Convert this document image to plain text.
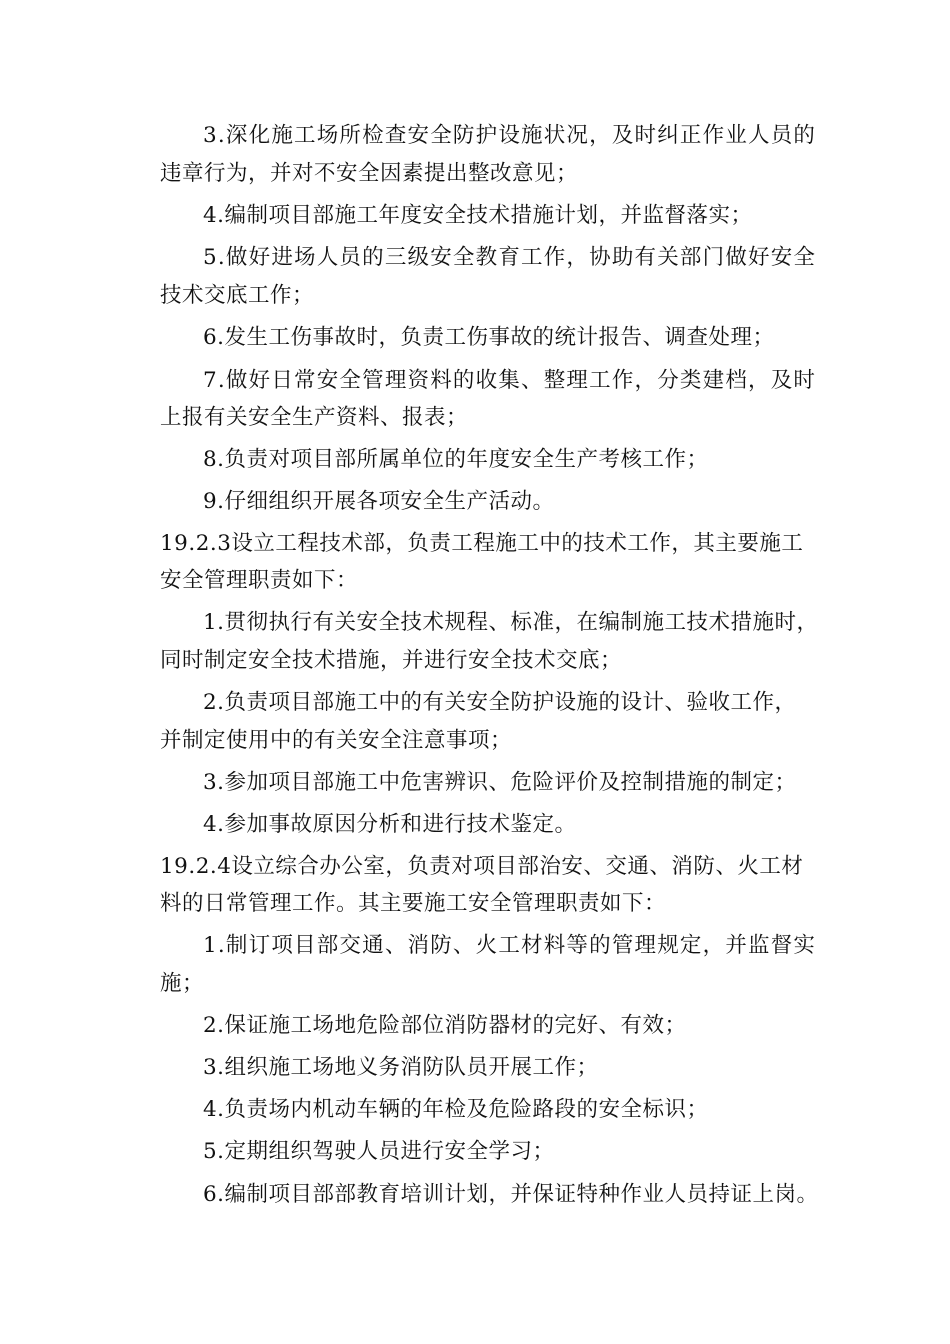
3.深化施工场所检查安全防护设施状况，及时纠正作业人员的
违章行为，并对不安全因素提出整改意见；
4.编制项目部施工年度安全技术措施计划，并监督落实；
5.做好进场人员的三级安全教育工作，协助有关部门做好安全
技术交底工作；
6.发生工伤事故时，负责工伤事故的统计报告、调查处理；
7.做好日常安全管理资料的收集、整理工作，分类建档，及时
上报有关安全生产资料、报表；
8.负责对项目部所属单位的年度安全生产考核工作；
9.仔细组织开展各项安全生产活动。
19.2.3设立工程技术部，负责工程施工中的技术工作，其主要施工
安全管理职责如下：
1.贯彻执行有关安全技术规程、标准，在编制施工技术措施时，
同时制定安全技术措施，并进行安全技术交底；
2.负责项目部施工中的有关安全防护设施的设计、验收工作，
并制定使用中的有关安全注意事项；
3.参加项目部施工中危害辨识、危险评价及控制措施的制定；
4.参加事故原因分析和进行技术鉴定。
19.2.4设立综合办公室，负责对项目部治安、交通、消防、火工材
料的日常管理工作。其主要施工安全管理职责如下：
1.制订项目部交通、消防、火工材料等的管理规定，并监督实
施；
2.保证施工场地危险部位消防器材的完好、有效；
3.组织施工场地义务消防队员开展工作；
4.负责场内机动车辆的年检及危险路段的安全标识；
5.定期组织驾驶人员进行安全学习；
6.编制项目部部教育培训计划，并保证特种作业人员持证上岗。
